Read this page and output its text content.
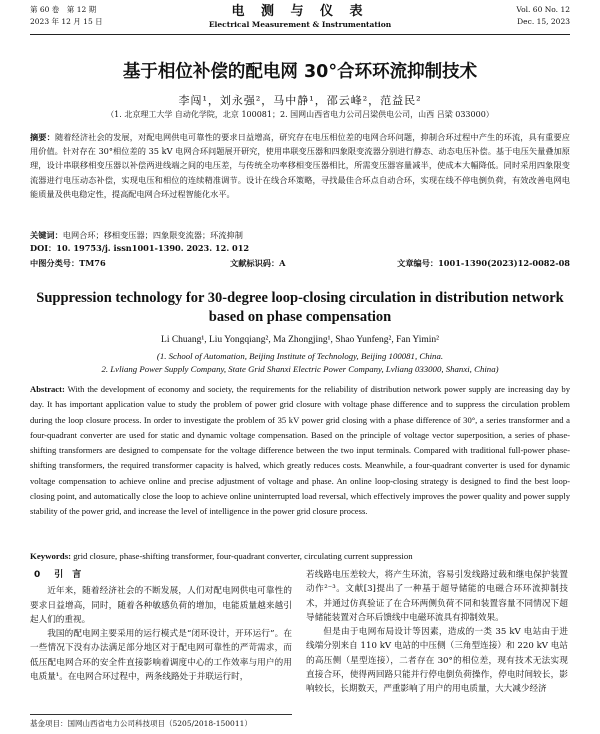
第 60 卷　第 12 期
2023 年 12 月 15 日
电 测 与 仪 表
Electrical Measurement & Instrumentation
Vol. 60 No. 12
Dec. 15, 2023
基于相位补偿的配电网 30°合环环流抑制技术
李闯¹，刘永强²，马中静¹，邵云峰²，范益民²
（1. 北京理工大学 自动化学院，北京 100081；2. 国网山西省电力公司吕梁供电公司，山西 吕梁 033000）
摘要：随着经济社会的发展，对配电网供电可靠性的要求日益增高，研究存在电压相位差的电网合环问题，抑制合环过程中产生的环流，具有重要应用价值。针对存在 30°相位差的 35 kV 电网合环问题展开研究，使用串联变压器和四象限变流器分别进行静态、动态电压补偿。基于电压矢量叠加原理，设计串联移相变压器以补偿两进线端之间的电压差，与传统全功率移相变压器相比，所需变压器容量减半，使成本大幅降低。同时采用四象限变流器进行电压动态补偿，实现电压和相位的连续精准调节。设计在线合环策略，寻找最佳合环点自动合环，实现在线不停电倒负荷，有效改善电网电能质量及供电稳定性，提高配电网合环过程智能化水平。
关键词：电网合环；移相变压器；四象限变流器；环流抑制
DOI：10. 19753/j. issn1001-1390. 2023. 12. 012
中图分类号：TM76	文献标识码：A	文章编号：1001-1390(2023)12-0082-08
Suppression technology for 30-degree loop-closing circulation in distribution network based on phase compensation
Li Chuang¹, Liu Yongqiang², Ma Zhongjing¹, Shao Yunfeng², Fan Yimin²
(1. School of Automation, Beijing Institute of Technology, Beijing 100081, China.
2. Lvliang Power Supply Company, State Grid Shanxi Electric Power Company, Lvliang 033000, Shanxi, China)
Abstract: With the development of economy and society, the requirements for the reliability of distribution network power supply are increasing day by day. It has important application value to study the problem of power grid closure with voltage phase difference and to suppress the circulation problem during the loop closure process. In order to investigate the problem of 35 kV power grid closing with a phase difference of 30°, a series transformer and a four-quadrant converter are used for static and dynamic voltage compensation. Based on the principle of voltage vector superposition, a series of phase-shifting transformers are designed to compensate for the voltage difference between the two input terminals. Compared with traditional full-power phase-shifting transformers, the required transformer capacity is halved, which greatly reduces costs. Meanwhile, a four-quadrant converter is used for dynamic voltage compensation to achieve online and precise adjustment of voltage and phase. An online loop-closing strategy is designed to find the best loop-closing point, and automatically close the loop to achieve online uninterrupted load reversal, which effectively improves the power quality and power supply stability of the power grid, and increase the level of intelligence in the power grid closure process.
Keywords: grid closure, phase-shifting transformer, four-quadrant converter, circulating current suppression
0 引　言

近年来，随着经济社会的不断发展，人们对配电网供电可靠性的要求日益增高，同时，随着各种敏感负荷的增加，电能质量越来越引起人们的重视。

我国的配电网主要采用的运行模式是“闭环设计，开环运行”。在一些情况下没有办法满足部分地区对于配电网可靠性的严苛需求，而低压配电网合环的安全件直接影响着调度中心的工作效率与用户的用电质量¹。在电网合环过程中，两条线路处于并联运行时，

若线路电压差较大，将产生环流，容易引发线路过载和继电保护装置动作²⁻³。文献[3]提出了一种基于超导储能的电磁合环环流抑制技术，并通过仿真验证了在合环两侧负荷不同和装置容量不同情况下超导储能装置对合环后馈线中电磁环流具有抑制效果。

但是由于电网布局设计等因素，造成的一类 35 kV 电站由于进线端分别来自 110 kV 电站的中压侧（三角型连接）和 220 kV 电站的高压侧（星型连接），二者存在 30°的相位差，现有技术无法实现直接合环，使得两回路只能并行停电倒负荷操作，停电时间较长，影响较长，长期数天，严重影响了用户的用电质量，大大减少经济

基金项目：国网山西省电力公司科技项目（5205/2018-150011）
